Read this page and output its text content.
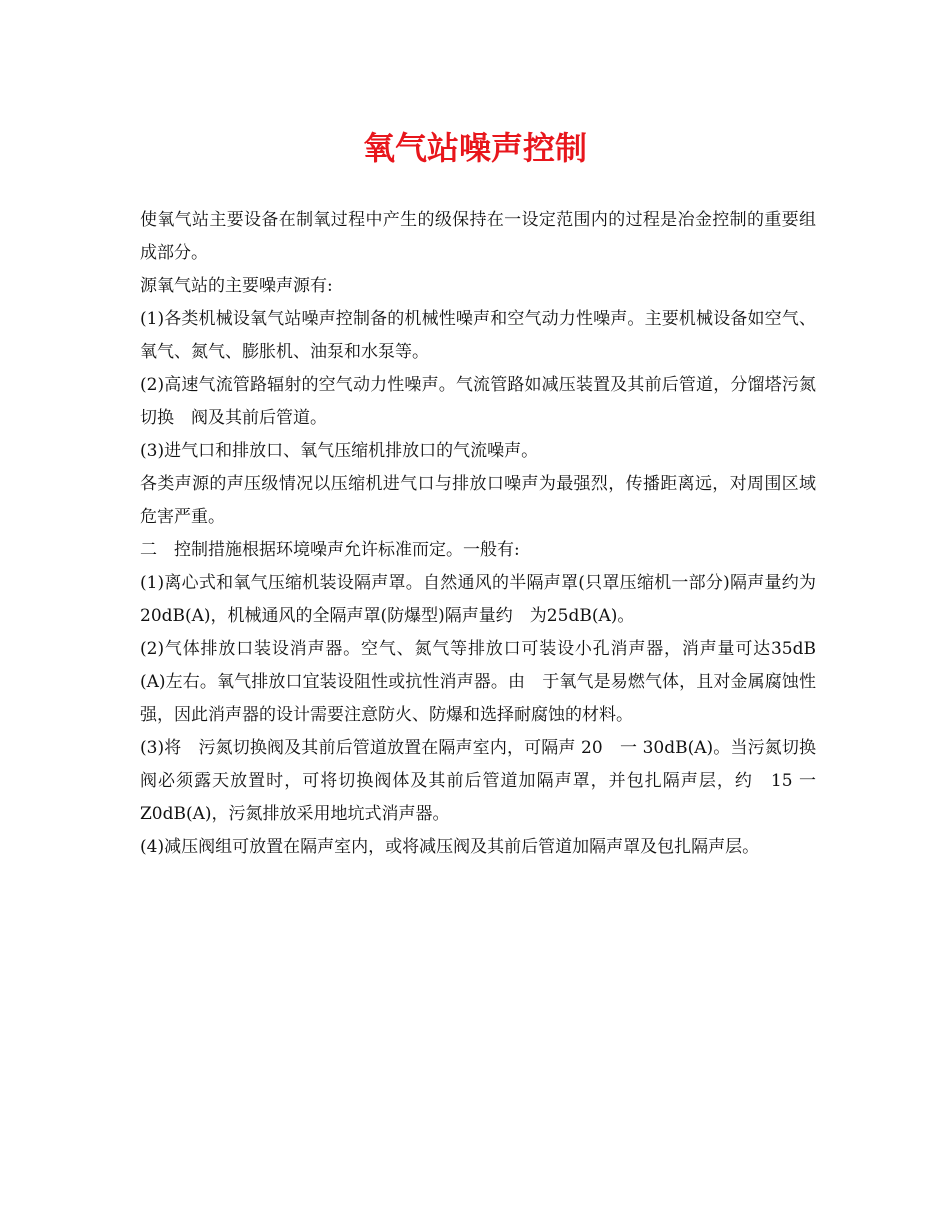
氧气站噪声控制

使氧气站主要设备在制氧过程中产生的级保持在一设定范围内的过程是冶金控制的重要组成部分。

源氧气站的主要噪声源有:

(1)各类机械设氧气站噪声控制备的机械性噪声和空气动力性噪声。主要机械设备如空气、氧气、氮气、膨胀机、油泵和水泵等。

(2)高速气流管路辐射的空气动力性噪声。气流管路如减压装置及其前后管道，分馏塔污氮切换　阀及其前后管道。

(3)进气口和排放口、氧气压缩机排放口的气流噪声。

各类声源的声压级情况以压缩机进气口与排放口噪声为最强烈，传播距离远，对周围区域危害严重。

二　控制措施根据环境噪声允许标准而定。一般有:

(1)离心式和氧气压缩机装设隔声罩。自然通风的半隔声罩(只罩压缩机一部分)隔声量约为20dB(A)，机械通风的全隔声罩(防爆型)隔声量约　为25dB(A)。

(2)气体排放口装设消声器。空气、氮气等排放口可装设小孔消声器，消声量可达35dB　(A)左右。氧气排放口宜装设阻性或抗性消声器。由　于氧气是易燃气体，且对金属腐蚀性强，因此消声器的设计需要注意防火、防爆和选择耐腐蚀的材料。

(3)将　污氮切换阀及其前后管道放置在隔声室内，可隔声 20　一 30dB(A)。当污氮切换阀必须露天放置时，可将切换阀体及其前后管道加隔声罩，并包扎隔声层，约　15 一 Z0dB(A)，污氮排放采用地坑式消声器。

(4)减压阀组可放置在隔声室内，或将减压阀及其前后管道加隔声罩及包扎隔声层。
